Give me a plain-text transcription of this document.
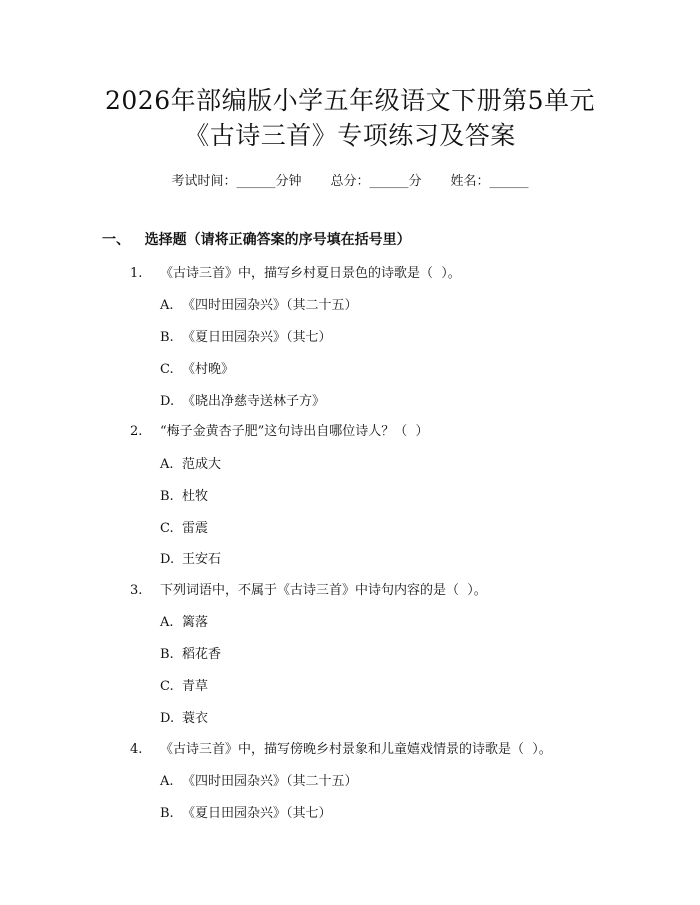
2026年部编版小学五年级语文下册第5单元
《古诗三首》专项练习及答案
考试时间：______分钟 总分：______分 姓名：______
一、 选择题（请将正确答案的序号填在括号里）
1. 《古诗三首》中，描写乡村夏日景色的诗歌是（  ）。
A. 《四时田园杂兴》（其二十五）
B. 《夏日田园杂兴》（其七）
C. 《村晚》
D. 《晓出净慈寺送林子方》
2. “梅子金黄杏子肥”这句诗出自哪位诗人？（  ）
A. 范成大
B. 杜牧
C. 雷震
D. 王安石
3. 下列词语中，不属于《古诗三首》中诗句内容的是（  ）。
A. 篱落
B. 稻花香
C. 青草
D. 蓑衣
4. 《古诗三首》中，描写傍晚乡村景象和儿童嬉戏情景的诗歌是（  ）。
A. 《四时田园杂兴》（其二十五）
B. 《夏日田园杂兴》（其七）
